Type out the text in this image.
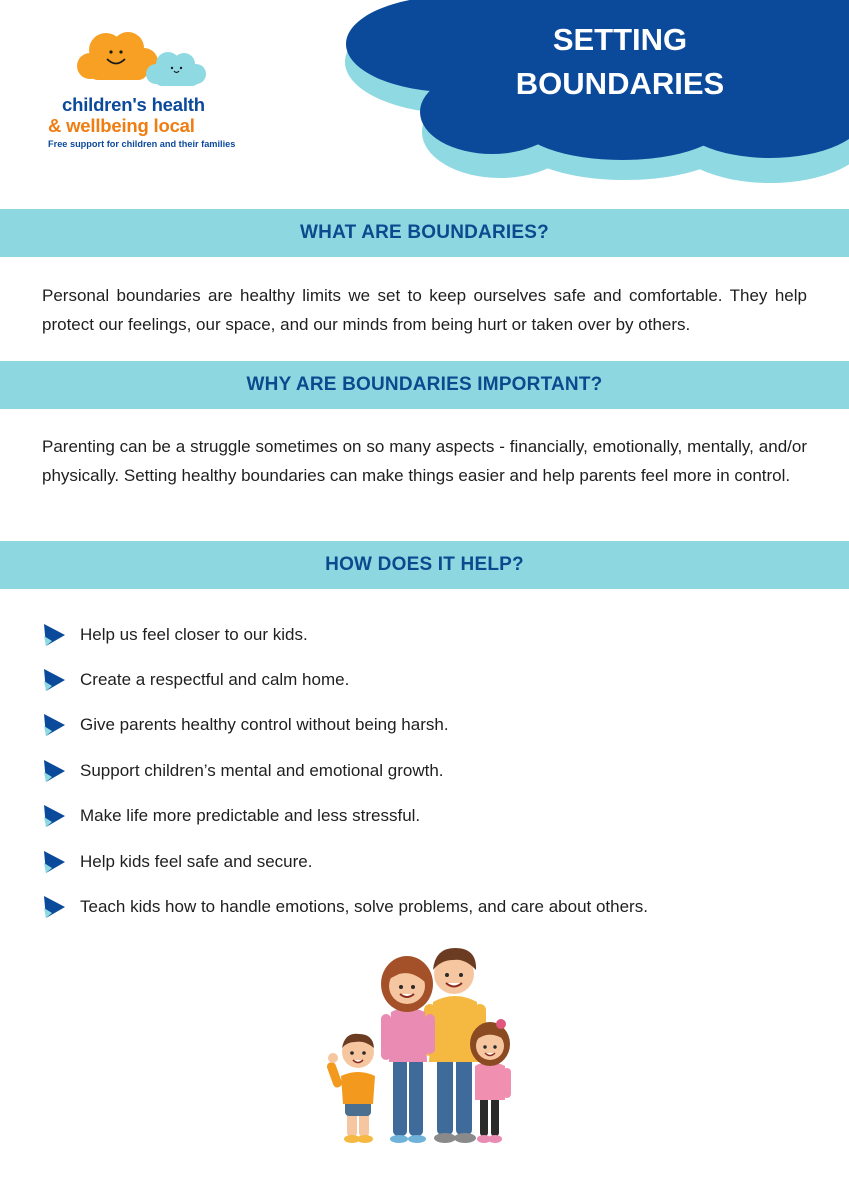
children's health
& wellbeing local
Free support for children and their families
SETTING
BOUNDARIES
WHAT ARE BOUNDARIES?

Personal boundaries are healthy limits we set to keep ourselves safe and comfortable. They help protect our feelings, our space, and our minds from being hurt or taken over by others.

WHY ARE BOUNDARIES IMPORTANT?

Parenting can be a struggle sometimes on so many aspects - financially, emotionally, mentally, and/or physically. Setting healthy boundaries can make things easier and help parents feel more in control.

HOW DOES IT HELP?
Help us feel closer to our kids.
Create a respectful and calm home.
Give parents healthy control without being harsh.
Support children’s mental and emotional growth.
Make life more predictable and less stressful.
Help kids feel safe and secure.
Teach kids how to handle emotions, solve problems, and care about others.
